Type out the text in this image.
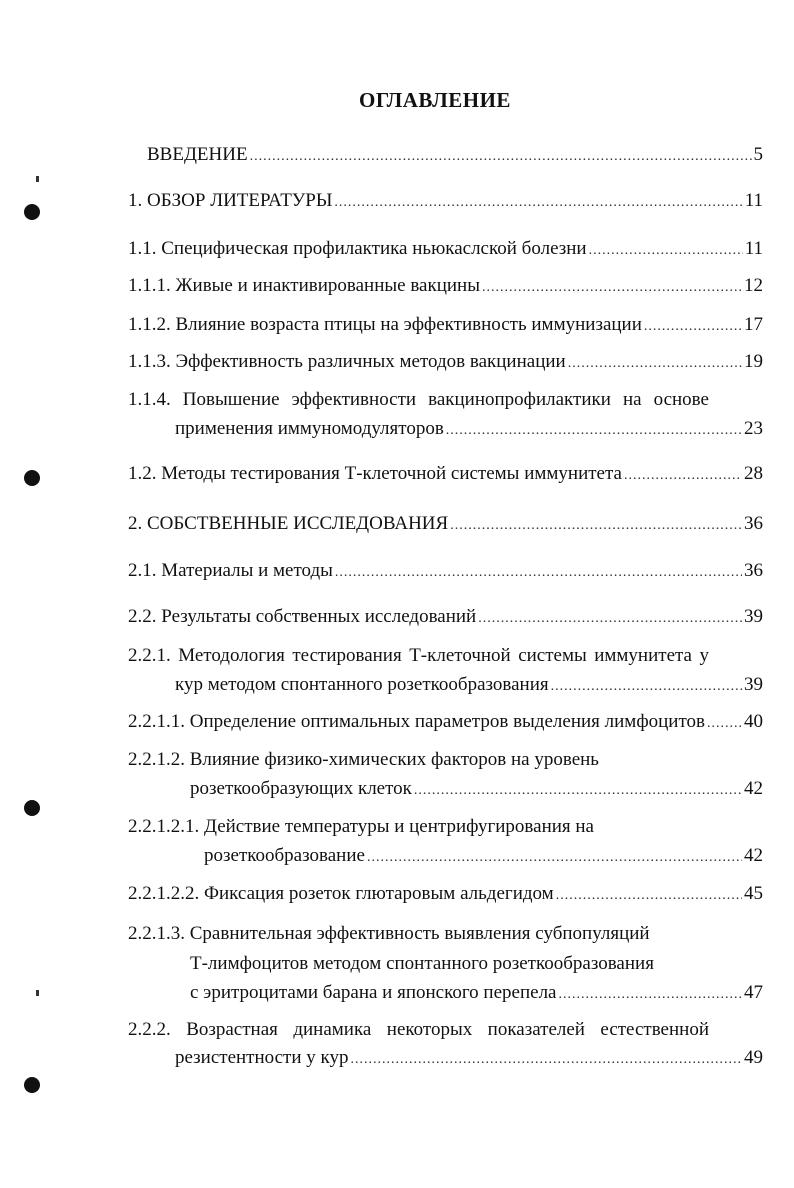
ОГЛАВЛЕНИЕ
ВВЕДЕНИЕ .....	5
1. ОБЗОР ЛИТЕРАТУРЫ .....	11
1.1. Специфическая профилактика ньюкаслской болезни .....	11
1.1.1. Живые и инактивированные вакцины .....	12
1.1.2. Влияние возраста птицы на эффективность иммунизации .....	17
1.1.3. Эффективность различных методов вакцинации .....	19
1.1.4. Повышение эффективности вакцинопрофилактики на основе
применения иммуномодуляторов .....	23
1.2. Методы тестирования Т-клеточной системы иммунитета .....	28
2. СОБСТВЕННЫЕ ИССЛЕДОВАНИЯ .....	36
2.1. Материалы и методы .....	36
2.2. Результаты собственных исследований .....	39
2.2.1. Методология тестирования Т-клеточной системы иммунитета у
кур методом спонтанного розеткообразования .....	39
2.2.1.1. Определение оптимальных параметров выделения лимфоцитов ..... 40
2.2.1.2. Влияние физико-химических факторов на уровень
розеткообразующих клеток .....	42
2.2.1.2.1. Действие температуры и центрифугирования на
розеткообразование .....	42
2.2.1.2.2. Фиксация розеток глютаровым альдегидом .....	45
2.2.1.3. Сравнительная эффективность выявления субпопуляций
Т-лимфоцитов методом спонтанного розеткообразования
с эритроцитами барана и японского перепела .....	47
2.2.2. Возрастная динамика некоторых показателей естественной
резистентности у кур .....	49
